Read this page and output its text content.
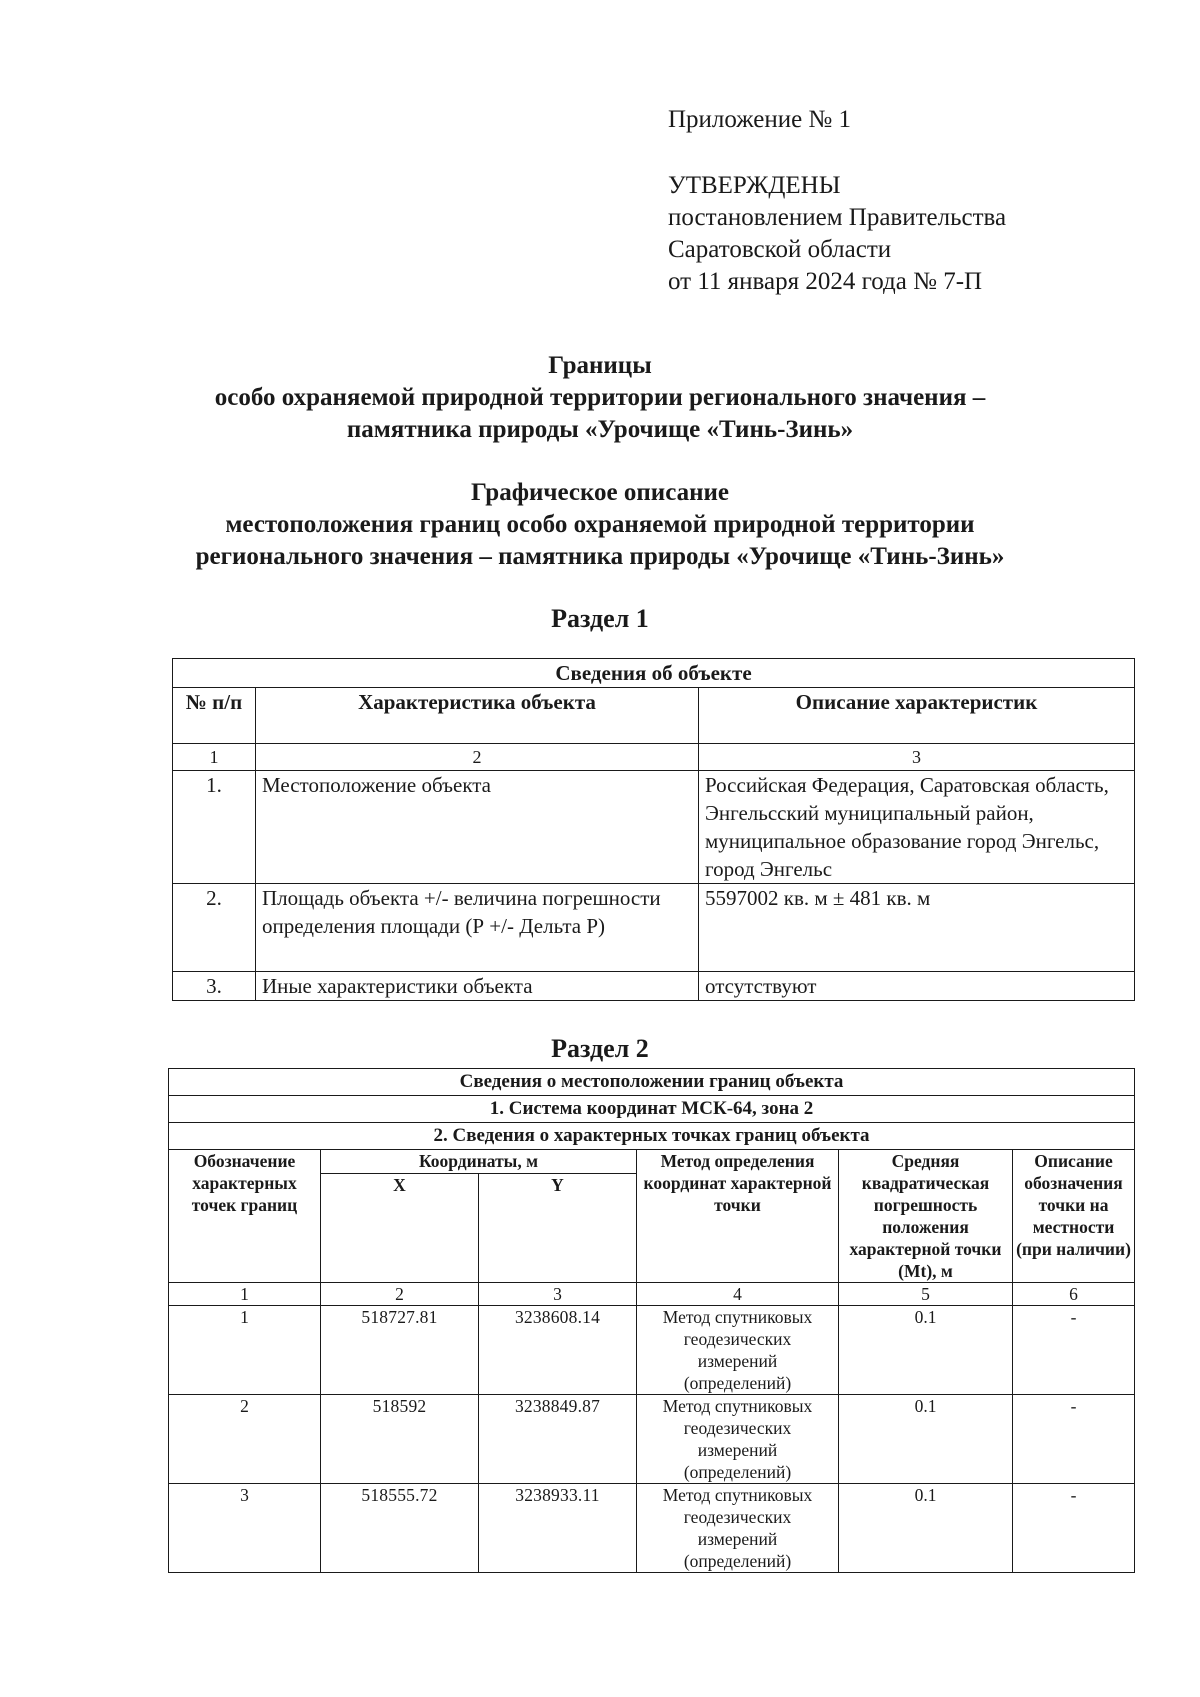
Приложение № 1
УТВЕРЖДЕНЫ
постановлением Правительства
Саратовской области
от 11 января 2024 года № 7-П
Границы
особо охраняемой природной территории регионального значения –
памятника природы «Урочище «Тинь-Зинь»
Графическое описание
местоположения границ особо охраняемой природной территории
регионального значения – памятника природы «Урочище «Тинь-Зинь»
Раздел 1
Сведения об объекте		
№ п/п	Характеристика объекта	Описание характеристик
1	2	3
1.	Местоположение объекта	Российская Федерация, Саратовская область, Энгельсский муниципальный район, муниципальное образование город Энгельс, город Энгельс
2.	Площадь объекта +/- величина погрешности определения площади (Р +/- Дельта Р)	5597002 кв. м ± 481 кв. м
3.	Иные характеристики объекта	отсутствуют
Раздел 2
Сведения о местоположении границ объекта					
1. Система координат МСК-64, зона 2					
2. Сведения о характерных точках границ объекта					
Обозначение характерных точек границ	Координаты, м		Метод определения координат характерной точки	Средняя квадратическая погрешность положения характерной точки (Mt), м	Описание обозначения точки на местности (при наличии)
	X	Y			
1	2	3	4	5	6
1	518727.81	3238608.14	Метод спутниковых геодезических измерений (определений)	0.1	-
2	518592	3238849.87	Метод спутниковых геодезических измерений (определений)	0.1	-
3	518555.72	3238933.11	Метод спутниковых геодезических измерений (определений)	0.1	-
